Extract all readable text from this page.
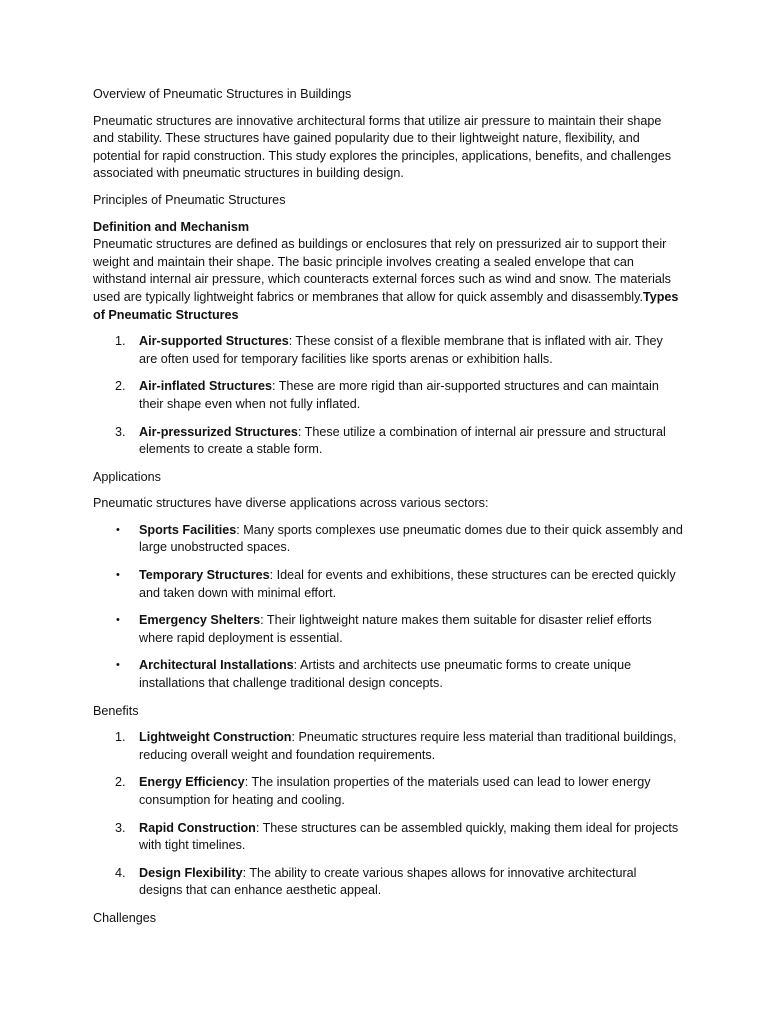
Overview of Pneumatic Structures in Buildings

Pneumatic structures are innovative architectural forms that utilize air pressure to maintain their shape and stability. These structures have gained popularity due to their lightweight nature, flexibility, and potential for rapid construction. This study explores the principles, applications, benefits, and challenges associated with pneumatic structures in building design.

Principles of Pneumatic Structures

Definition and Mechanism

Pneumatic structures are defined as buildings or enclosures that rely on pressurized air to support their weight and maintain their shape. The basic principle involves creating a sealed envelope that can withstand internal air pressure, which counteracts external forces such as wind and snow. The materials used are typically lightweight fabrics or membranes that allow for quick assembly and disassembly.Types of Pneumatic Structures

1. Air-supported Structures: These consist of a flexible membrane that is inflated with air. They are often used for temporary facilities like sports arenas or exhibition halls.
2. Air-inflated Structures: These are more rigid than air-supported structures and can maintain their shape even when not fully inflated.
3. Air-pressurized Structures: These utilize a combination of internal air pressure and structural elements to create a stable form.

Applications

Pneumatic structures have diverse applications across various sectors:

• Sports Facilities: Many sports complexes use pneumatic domes due to their quick assembly and large unobstructed spaces.
• Temporary Structures: Ideal for events and exhibitions, these structures can be erected quickly and taken down with minimal effort.
• Emergency Shelters: Their lightweight nature makes them suitable for disaster relief efforts where rapid deployment is essential.
• Architectural Installations: Artists and architects use pneumatic forms to create unique installations that challenge traditional design concepts.

Benefits

1. Lightweight Construction: Pneumatic structures require less material than traditional buildings, reducing overall weight and foundation requirements.
2. Energy Efficiency: The insulation properties of the materials used can lead to lower energy consumption for heating and cooling.
3. Rapid Construction: These structures can be assembled quickly, making them ideal for projects with tight timelines.
4. Design Flexibility: The ability to create various shapes allows for innovative architectural designs that can enhance aesthetic appeal.

Challenges
